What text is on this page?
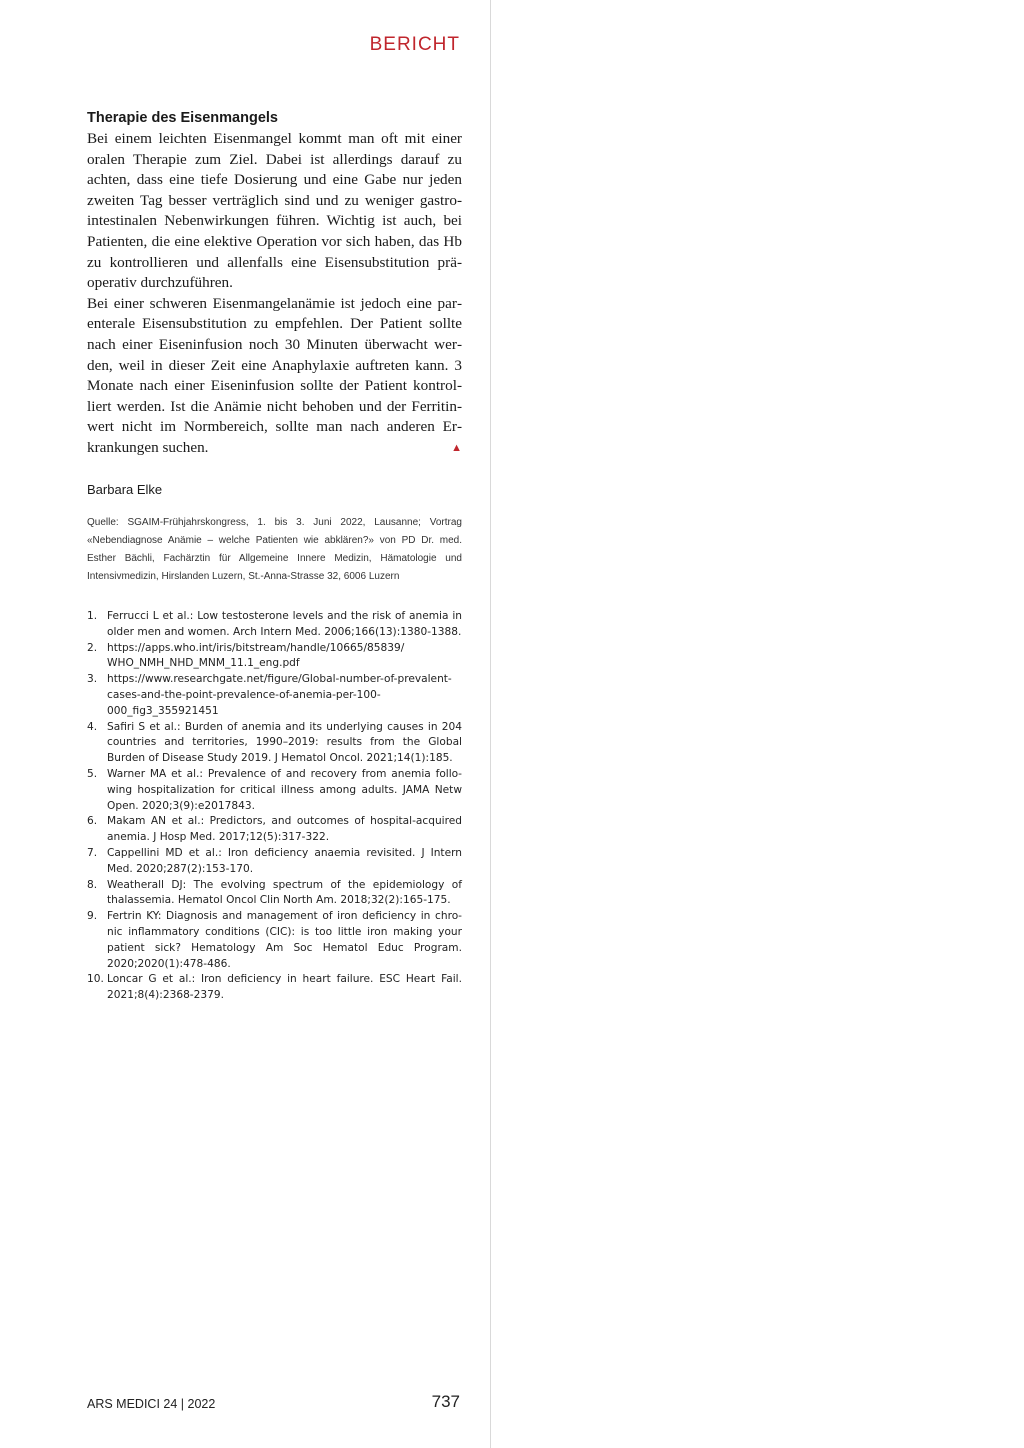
BERICHT
Therapie des Eisenmangels

Bei einem leichten Eisenmangel kommt man oft mit einer oralen Therapie zum Ziel. Dabei ist allerdings darauf zu achten, dass eine tiefe Dosierung und eine Gabe nur jeden zweiten Tag besser verträglich sind und zu weniger gastrointestinalen Nebenwirkungen führen. Wichtig ist auch, bei Patienten, die eine elektive Operation vor sich haben, das Hb zu kontrollieren und allenfalls eine Eisensubstitution präoperativ durchzuführen.

Bei einer schweren Eisenmangelanämie ist jedoch eine parenterale Eisensubstitution zu empfehlen. Der Patient sollte nach einer Eiseninfusion noch 30 Minuten überwacht werden, weil in dieser Zeit eine Anaphylaxie auftreten kann. 3 Monate nach einer Eiseninfusion sollte der Patient kontrolliert werden. Ist die Anämie nicht behoben und der Ferritinwert nicht im Normbereich, sollte man nach anderen Erkrankungen suchen.	▲

Barbara Elke
Quelle: SGAIM-Frühjahrskongress, 1. bis 3. Juni 2022, Lausanne; Vortrag «Nebendiagnose Anämie – welche Patienten wie abklären?» von PD Dr. med. Esther Bächli, Fachärztin für Allgemeine Innere Medizin, Hämatologie und Intensivmedizin, Hirslanden Luzern, St.-Anna-Strasse 32, 6006 Luzern
1. Ferrucci L et al.: Low testosterone levels and the risk of anemia in older men and women. Arch Intern Med. 2006;166(13):1380-1388.
2. https://apps.who.int/iris/bitstream/handle/10665/85839/ WHO_NMH_NHD_MNM_11.1_eng.pdf
3. https://www.researchgate.net/figure/Global-number-of-prevalent-cases-and-the-point-prevalence-of-anemia-per-100-000_fig3_355921451
4. Safiri S et al.: Burden of anemia and its underlying causes in 204 countries and territories, 1990–2019: results from the Global Burden of Disease Study 2019. J Hematol Oncol. 2021;14(1):185.
5. Warner MA et al.: Prevalence of and recovery from anemia following hospitalization for critical illness among adults. JAMA Netw Open. 2020;3(9):e2017843.
6. Makam AN et al.: Predictors, and outcomes of hospital-acquired anemia. J Hosp Med. 2017;12(5):317-322.
7. Cappellini MD et al.: Iron deficiency anaemia revisited. J Intern Med. 2020;287(2):153-170.
8. Weatherall DJ: The evolving spectrum of the epidemiology of thalassemia. Hematol Oncol Clin North Am. 2018;32(2):165-175.
9. Fertrin KY: Diagnosis and management of iron deficiency in chronic inflammatory conditions (CIC): is too little iron making your patient sick? Hematology Am Soc Hematol Educ Program. 2020;2020(1):478-486.
10. Loncar G et al.: Iron deficiency in heart failure. ESC Heart Fail. 2021;8(4):2368-2379.
ARS MEDICI 24 | 2022	737
